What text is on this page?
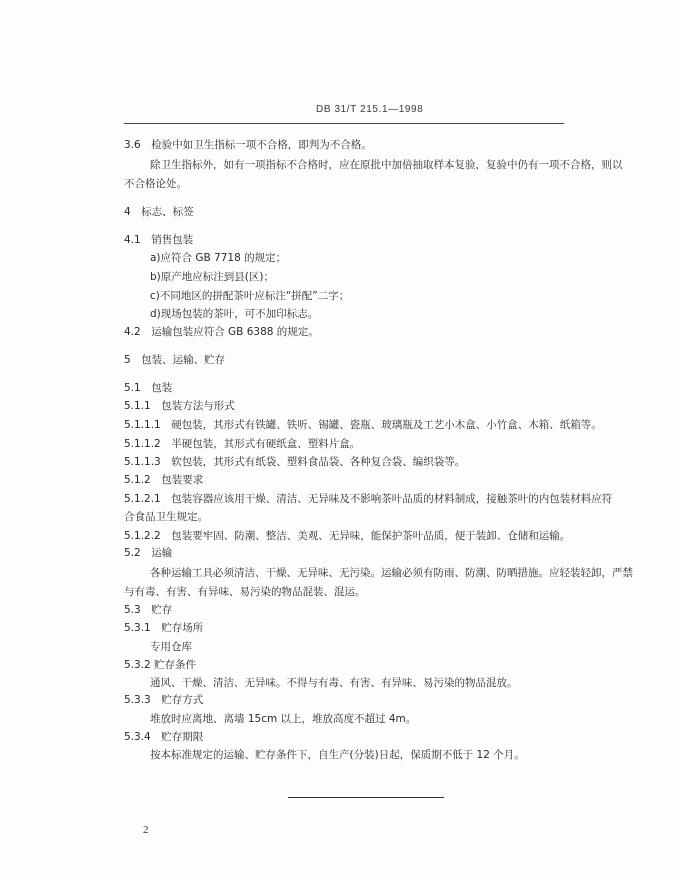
DB 31/T 215.1—1998
3.6　检验中如卫生指标一项不合格，即判为不合格。
除卫生指标外，如有一项指标不合格时，应在原批中加倍抽取样本复验，复验中仍有一项不合格，则以
不合格论处。
4　标志、标签
4.1　销售包装
a)应符合 GB 7718 的规定；
b)原产地应标注到县(区)；
c)不同地区的拼配茶叶应标注“拼配”二字；
d)现场包装的茶叶，可不加印标志。
4.2　运输包装应符合 GB 6388 的规定。
5　包装、运输、贮存
5.1　包装
5.1.1　包装方法与形式
5.1.1.1　硬包装，其形式有铁罐、铁听、锡罐、瓷瓶、玻璃瓶及工艺小木盒、小竹盒、木箱、纸箱等。
5.1.1.2　半硬包装，其形式有硬纸盒、塑料片盒。
5.1.1.3　软包装，其形式有纸袋、塑料食品袋、各种复合袋、编织袋等。
5.1.2　包装要求
5.1.2.1　包装容器应该用干燥、清洁、无异味及不影响茶叶品质的材料制成，接触茶叶的内包装材料应符
合食品卫生规定。
5.1.2.2　包装要牢固、防潮、整洁、美观、无异味，能保护茶叶品质，便于装卸、仓储和运输。
5.2　运输
各种运输工具必须清洁、干燥、无异味、无污染。运输必须有防雨、防潮、防晒措施。应轻装轻卸，严禁
与有毒、有害、有异味、易污染的物品混装、混运。
5.3　贮存
5.3.1　贮存场所
专用仓库
5.3.2 贮存条件
通风、干燥、清洁、无异味。不得与有毒、有害、有异味、易污染的物品混放。
5.3.3　贮存方式
堆放时应离地、离墙 15cm 以上，堆放高度不超过 4m。
5.3.4　贮存期限
按本标准规定的运输、贮存条件下，自生产(分装)日起，保质期不低于 12 个月。
2
